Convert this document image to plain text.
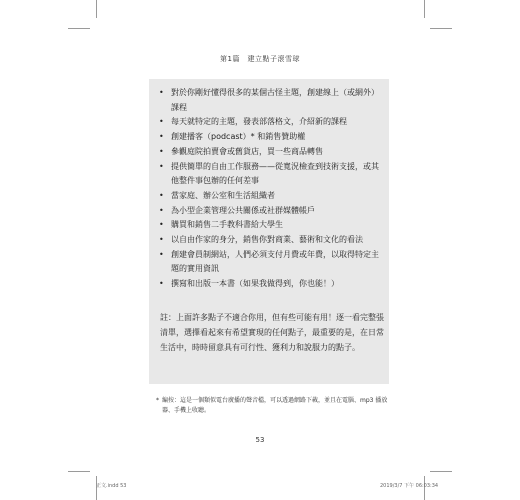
第1篇　建立點子滾雪球
• 對於你剛好懂得很多的某個古怪主題，創建線上（或網外）課程
• 每天就特定的主題，發表部落格文，介紹新的課程
• 創建播客（podcast）* 和銷售贊助權
• 參觀庭院拍賣會或舊貨店，買一些商品轉售
• 提供簡單的自由工作服務——從寬況檢查到技術支援，或其他整件事包辦的任何差事
• 當家庭、辦公室和生活組織者
• 為小型企業管理公共關係或社群媒體帳戶
• 購買和銷售二手教科書給大學生
• 以自由作家的身分，銷售你對商業、藝術和文化的看法
• 創建會員制網站，人們必須支付月費或年費，以取得特定主題的實用資訊
• 撰寫和出版一本書（如果我做得到，你也能！）

註：上面許多點子不適合你用，但有些可能有用！逐一看完整張清單，選擇看起來有希望實現的任何點子，最重要的是，在日常生活中，時時留意具有可行性、獲利力和說服力的點子。

* 編按：這是一個類似電台廣播的聲音檔，可以透過網路下載，並且在電腦、mp3 播放器、手機上收聽。
53
正文.indd 53	2019/3/7 下午 06:03:34
